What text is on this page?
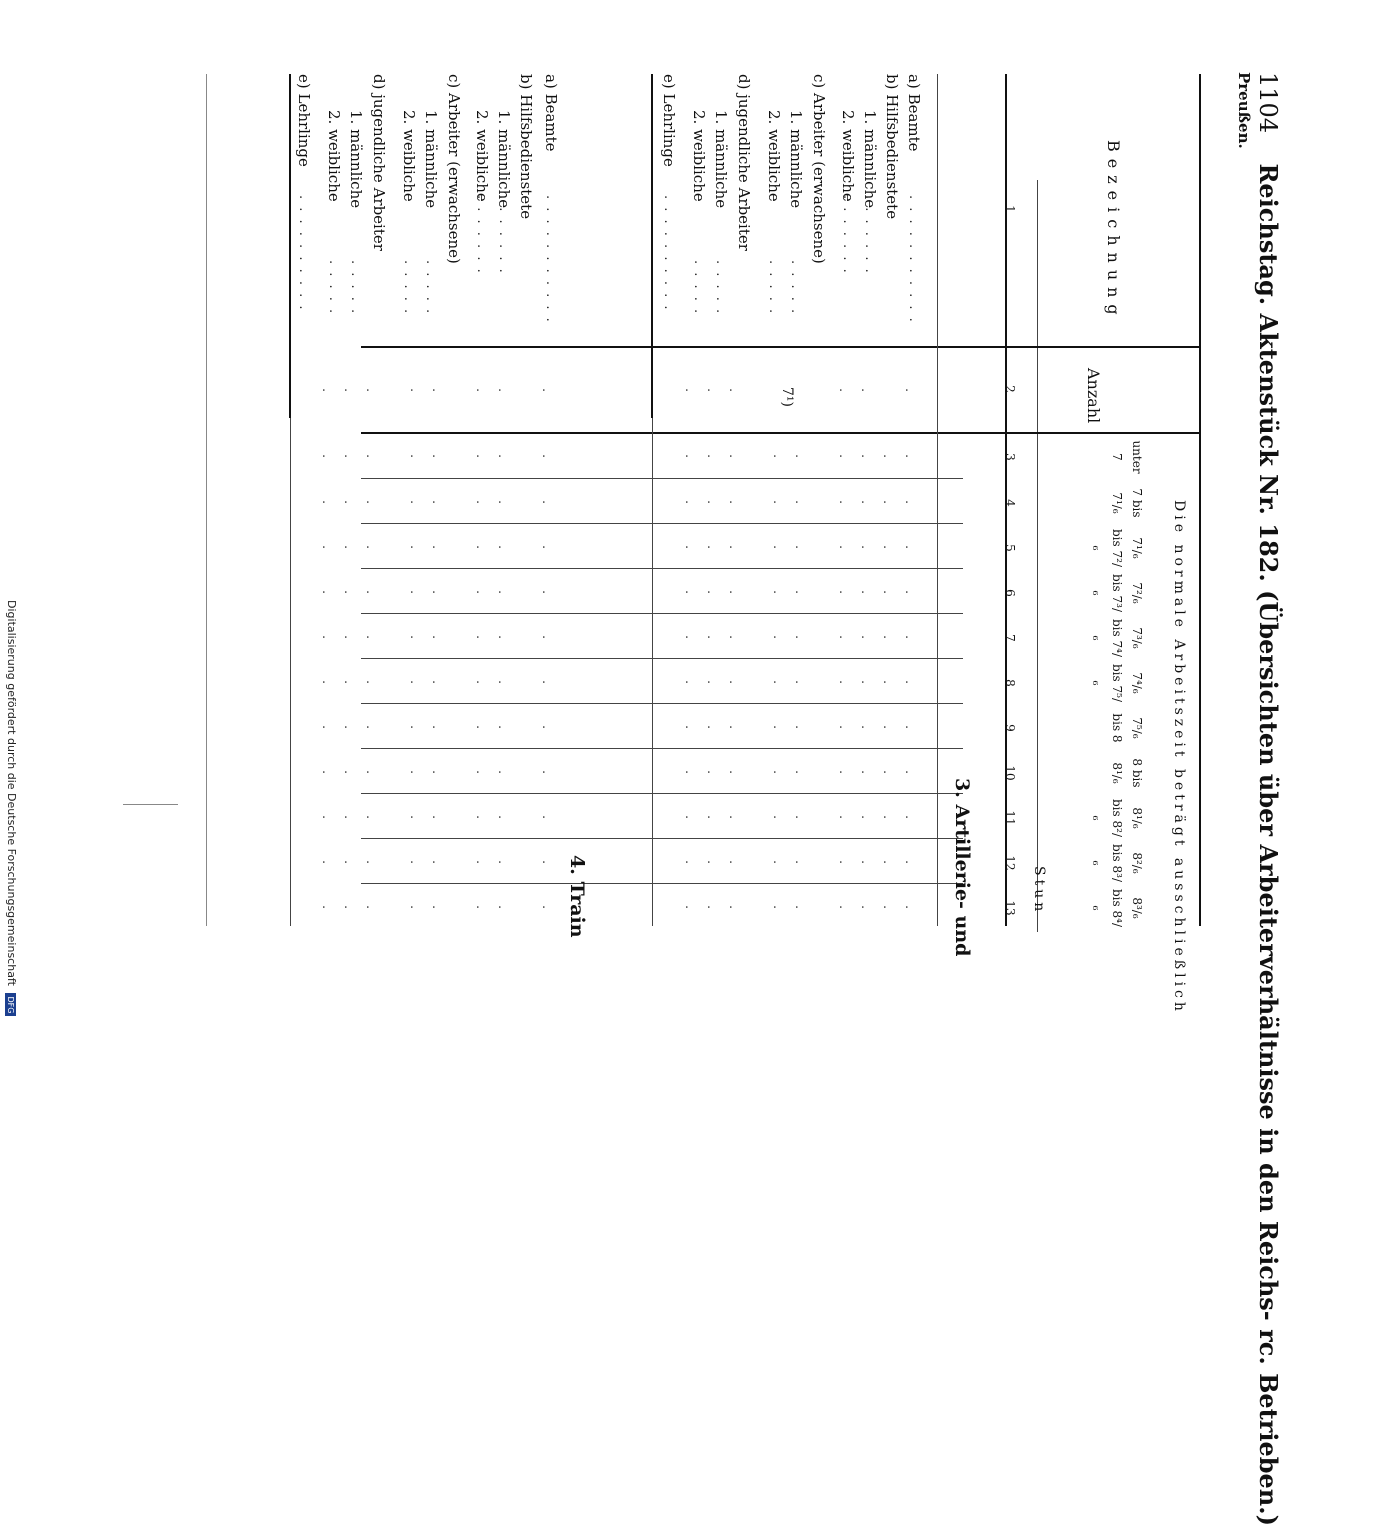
1104 Reichstag. Aktenstück Nr. 182. (Übersichten über Arbeiterverhältnisse in den Reichs- rc. Betrieben.)
Preußen.
Bezeichnung
Anzahl
Die normale Arbeitszeit beträgt ausschließlich
Stun
unter 7
7 bis 7¹/₆
7¹/₆ bis 7²/₆
7²/₆ bis 7³/₆
7³/₆ bis 7⁴/₆
7⁴/₆ bis 7⁵/₆
7⁵/₆ bis 8
8 bis 8¹/₆
8¹/₆ bis 8²/₆
8²/₆ bis 8³/₆
8³/₆ bis 8⁴/₆
1
2
3
4
5
6
7
8
9
10
11
12
13
3. Artillerie- und
a) Beamte
b) Hilfsbedienstete
1. männliche
2. weibliche
c) Arbeiter (erwachsene)
1. männliche
2. weibliche
d) jugendliche Arbeiter
1. männliche
2. weibliche
e) Lehrlinge
. . . . . . . . . . .
. . . . . . .
. . . . . . .
. . . . .
. . . . .
. . . . .
. . . . .
. . . . . . . . . .
7¹)
4. Train
a) Beamte
b) Hilfsbedienstete
1. männliche
2. weibliche
c) Arbeiter (erwachsene)
1. männliche
2. weibliche
d) jugendliche Arbeiter
1. männliche
2. weibliche
e) Lehrlinge
. . . . . . . . . . .
. . . . . . .
. . . . . . .
. . . . .
. . . . .
. . . . .
. . . . .
. . . . . . . . . .
.
.
.
.

.
.

.
.
.
.
.
.
.

.
.

.
.
.
.
.
.
.

.
.

.
.
.
.
.
.
.

.
.

.
.
.
.
.
.
.

.
.

.
.
.
.
.
.
.

.
.

.
.
.
.
.
.
.

.
.

.
.
.
.
.
.
.

.
.

.
.
.
.
.
.
.

.
.

.
.
.
.
.
.
.

.
.

.
.
.
.
.
.
.

.
.

.
.
.
.

.
.

.
.

.
.
.
.

.
.

.
.

.
.
.
.

.
.

.
.

.
.
.
.

.
.

.
.

.
.
.
.

.
.

.
.

.
.
.
.

.
.

.
.

.
.
.
.

.
.

.
.

.
.
.
.

.
.

.
.

.
.
.
.

.
.

.
.

.
.
.
.

.
.

.
.

.
.
.
.

.
.

.
.

.
.
.
.

.
.

.
.
.
.

.
.

.
.

.
.
.
Digitalisierung gefördert durch die Deutsche Forschungsgemeinschaft DFG
